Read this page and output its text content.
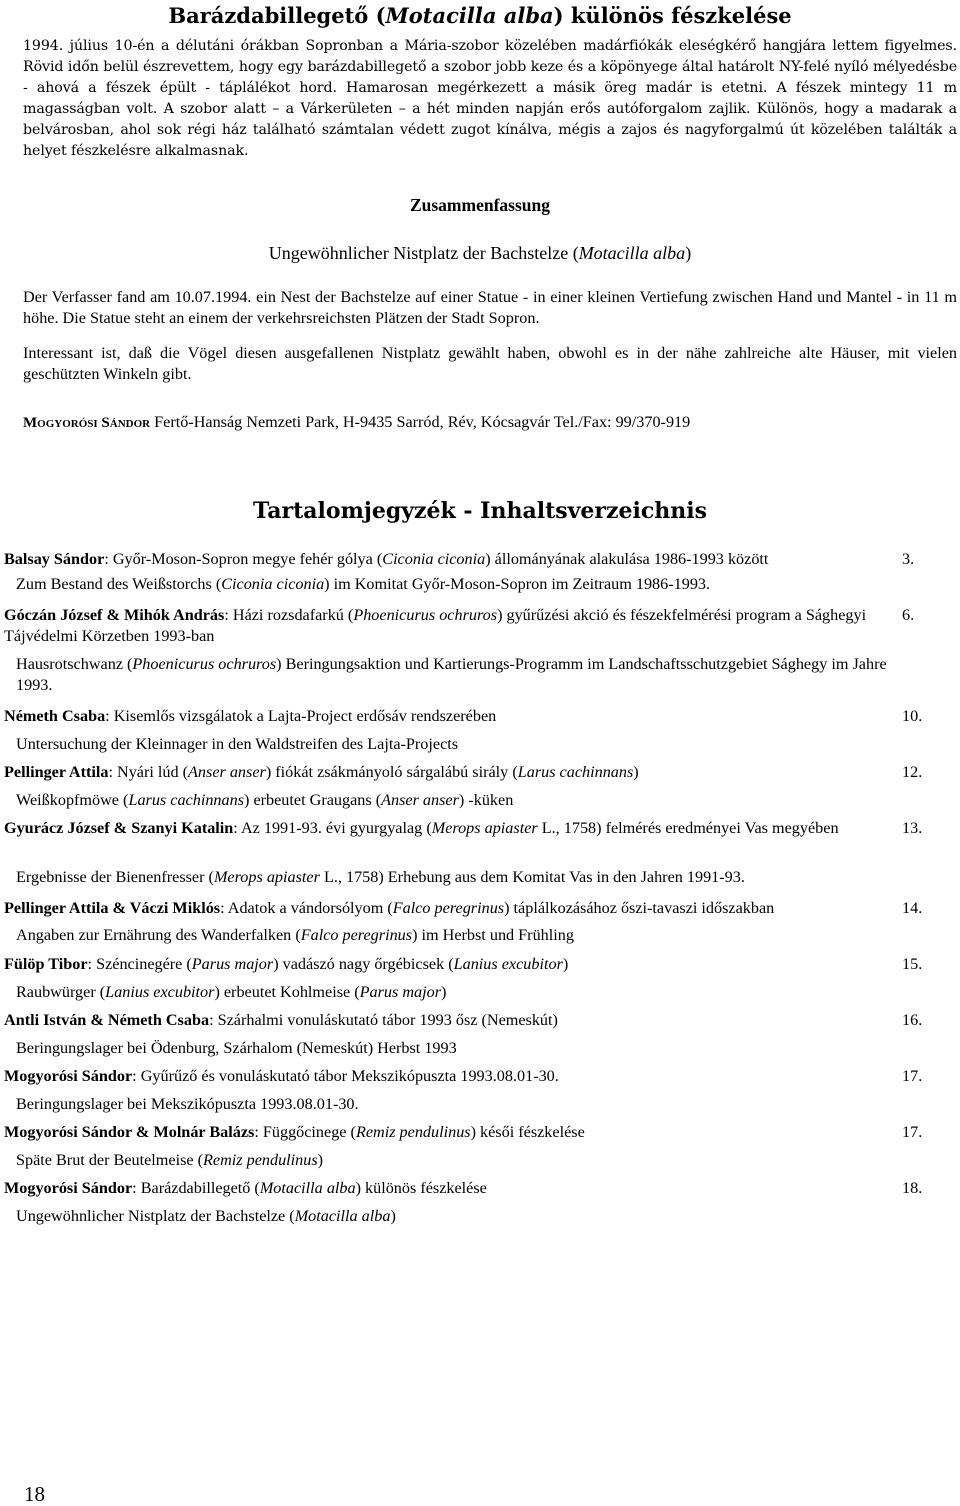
Barázdabillegető (Motacilla alba) különös fészkelése
1994. július 10-én a délutáni órákban Sopronban a Mária-szobor közelében madárfiókák eleségkérő hangjára lettem figyelmes. Rövid időn belül észrevettem, hogy egy barázdabillegető a szobor jobb keze és a köpönyege által határolt NY-felé nyíló mélyedésbe - ahová a fészek épült - táplálékot hord. Hamarosan megérkezett a másik öreg madár is etetni. A fészek mintegy 11 m magasságban volt. A szobor alatt – a Várkerületen – a hét minden napján erős autóforgalom zajlik. Különös, hogy a madarak a belvárosban, ahol sok régi ház található számtalan védett zugot kínálva, mégis a zajos és nagyforgalmú út közelében találták a helyet fészkelésre alkalmasnak.
Zusammenfassung
Ungewöhnlicher Nistplatz der Bachstelze (Motacilla alba)
Der Verfasser fand am 10.07.1994. ein Nest der Bachstelze auf einer Statue - in einer kleinen Vertiefung zwischen Hand und Mantel - in 11 m höhe. Die Statue steht an einem der verkehrsreichsten Plätzen der Stadt Sopron.
Interessant ist, daß die Vögel diesen ausgefallenen Nistplatz gewählt haben, obwohl es in der nähe zahlreiche alte Häuser, mit vielen geschützten Winkeln gibt.
Mogyorósi Sándor Fertő-Hanság Nemzeti Park, H-9435 Sarród, Rév, Kócsagvár Tel./Fax: 99/370-919
Tartalomjegyzék - Inhaltsverzeichnis
Balsay Sándor: Győr-Moson-Sopron megye fehér gólya (Ciconia ciconia) állományának alakulása 1986-1993 között	3.
Zum Bestand des Weißstorchs (Ciconia ciconia) im Komitat Győr-Moson-Sopron im Zeitraum 1986-1993.
Góczán József & Mihók András: Házi rozsdafarkú (Phoenicurus ochruros) gyűrűzési akció és fészekfelmérési program a Sághegyi Tájvédelmi Körzetben 1993-ban
6.
Hausrotschwanz (Phoenicurus ochruros) Beringungsaktion und Kartierungs-Programm im Landschaftsschutzgebiet Sághegy im Jahre 1993.
Németh Csaba: Kisemlős vizsgálatok a Lajta-Project erdősáv rendszerében	10.
Untersuchung der Kleinnager in den Waldstreifen des Lajta-Projects
Pellinger Attila: Nyári lúd (Anser anser) fiókát zsákmányoló sárgalábú sirály (Larus cachinnans)	12.
Weißkopfmöwe (Larus cachinnans) erbeutet Graugans (Anser anser) -küken
Gyurácz József & Szanyi Katalin: Az 1991-93. évi gyurgyalag (Merops apiaster L., 1758) felmérés eredményei Vas megyében	13.
Ergebnisse der Bienenfresser (Merops apiaster L., 1758) Erhebung aus dem Komitat Vas in den Jahren 1991-93.
Pellinger Attila & Váczi Miklós: Adatok a vándorsólyom (Falco peregrinus) táplálkozásához őszi-tavaszi időszakban	14.
Angaben zur Ernährung des Wanderfalken (Falco peregrinus) im Herbst und Frühling
Fülöp Tibor: Széncinegére (Parus major) vadászó nagy őrgébicsek (Lanius excubitor)	15.
Raubwürger (Lanius excubitor) erbeutet Kohlmeise (Parus major)
Antli István & Németh Csaba: Szárhalmi vonuláskutató tábor 1993 ősz (Nemeskút)	16.
Beringungslager bei Ödenburg, Szárhalom (Nemeskút) Herbst 1993
Mogyorósi Sándor: Gyűrűző és vonuláskutató tábor Mekszikópuszta 1993.08.01-30.	17.
Beringungslager bei Mekszikópuszta 1993.08.01-30.
Mogyorósi Sándor & Molnár Balázs: Függőcinege (Remiz pendulinus) késői fészkelése	17.
Späte Brut der Beutelmeise (Remiz pendulinus)
Mogyorósi Sándor: Barázdabillegető (Motacilla alba) különös fészkelése	18.
Ungewöhnlicher Nistplatz der Bachstelze (Motacilla alba)
18
